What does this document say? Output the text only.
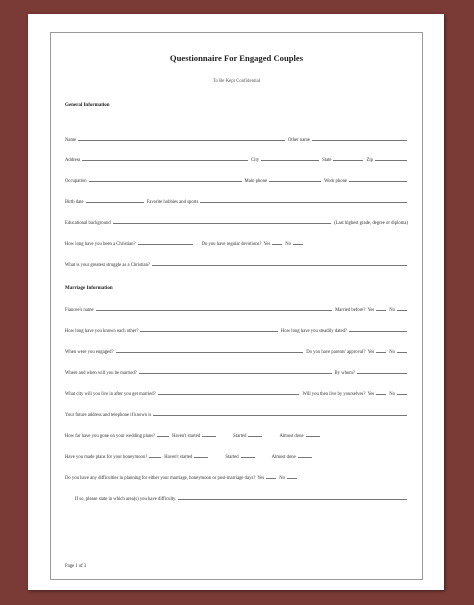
Questionnaire For Engaged Couples
To Be Kept Confidential
General Information
Name	Other name
Address	City	State	Zip
Occupation	Main phone	Work phone
Birth date	Favorite hobbies and sports
Educational background	(Last highest grade, degree or diploma)
How long have you been a Christian?	Do you have regular devotions? Yes	No
What is your greatest struggle as a Christian?
Marriage Information
Fiancee's name	Married before? Yes	No
How long have you known each other?	How long have you steadily dated?
When were you engaged?	Do you have parents' approval? Yes	No
Where and when will you be married?	By whom?
What city will you live in after you get married?	Will you then live by yourselves? Yes	No
Your future address and telephone if known is
How far have you gone on your wedding plans?	Haven't started	Started	Almost done
Have you made plans for your honeymoon?	Haven't started	Started	Almost done
Do you have any difficulties in planning for either your marriage, honeymoon or post-marriage days? Yes	No
If so, please state in which area(s) you have difficulty.
Page 1 of 3
